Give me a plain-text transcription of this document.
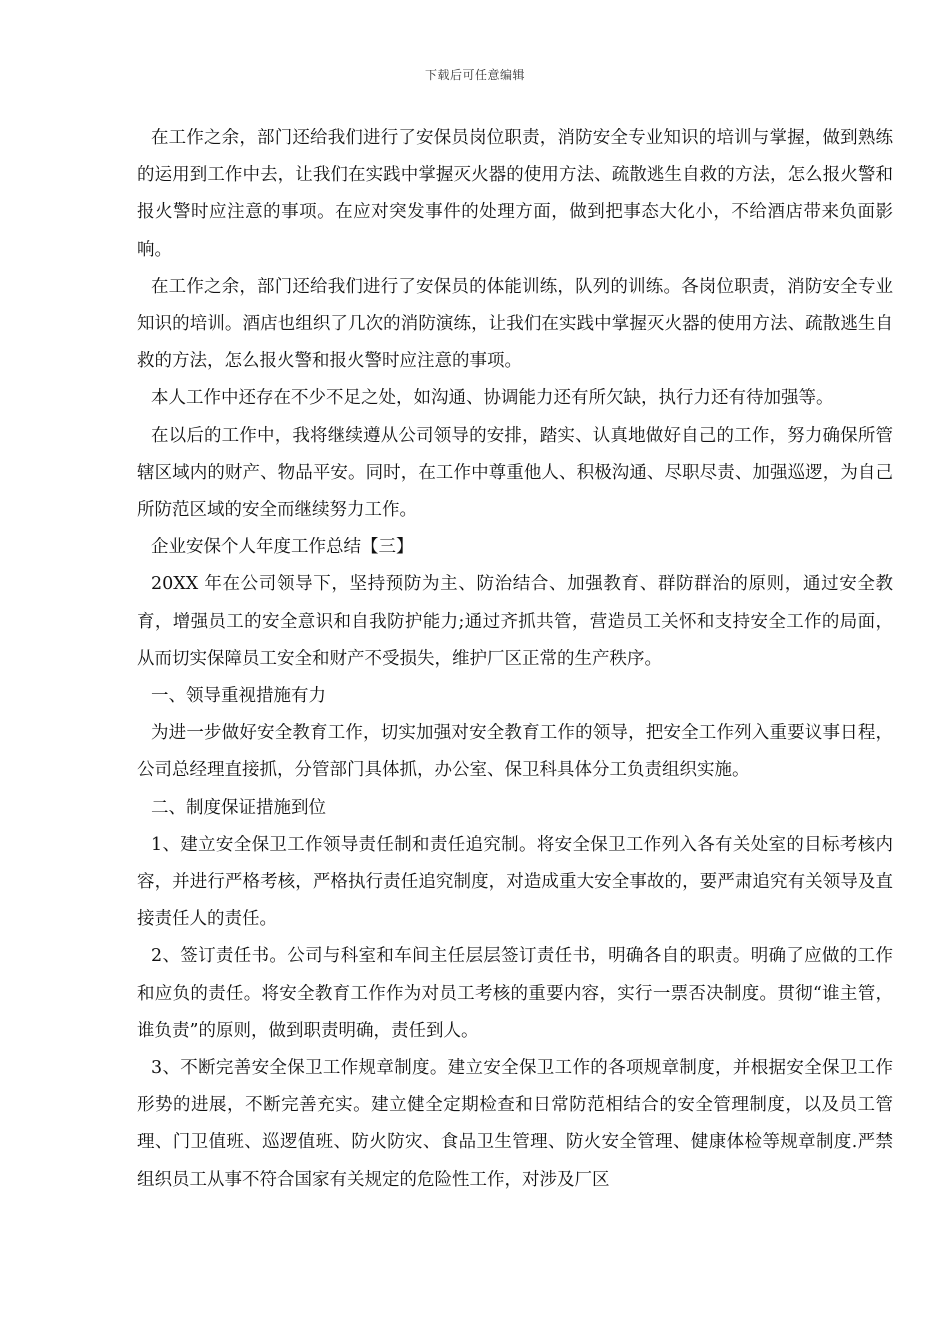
下载后可任意编辑

在工作之余，部门还给我们进行了安保员岗位职责，消防安全专业知识的培训与掌握，做到熟练的运用到工作中去，让我们在实践中掌握灭火器的使用方法、疏散逃生自救的方法，怎么报火警和报火警时应注意的事项。在应对突发事件的处理方面，做到把事态大化小，不给酒店带来负面影响。

在工作之余，部门还给我们进行了安保员的体能训练，队列的训练。各岗位职责，消防安全专业知识的培训。酒店也组织了几次的消防演练，让我们在实践中掌握灭火器的使用方法、疏散逃生自救的方法，怎么报火警和报火警时应注意的事项。

本人工作中还存在不少不足之处，如沟通、协调能力还有所欠缺，执行力还有待加强等。

在以后的工作中，我将继续遵从公司领导的安排，踏实、认真地做好自己的工作，努力确保所管辖区域内的财产、物品平安。同时，在工作中尊重他人、积极沟通、尽职尽责、加强巡逻，为自己所防范区域的安全而继续努力工作。

企业安保个人年度工作总结【三】

20XX 年在公司领导下，坚持预防为主、防治结合、加强教育、群防群治的原则，通过安全教育，增强员工的安全意识和自我防护能力;通过齐抓共管，营造员工关怀和支持安全工作的局面，从而切实保障员工安全和财产不受损失，维护厂区正常的生产秩序。

一、领导重视措施有力

为进一步做好安全教育工作，切实加强对安全教育工作的领导，把安全工作列入重要议事日程，公司总经理直接抓，分管部门具体抓，办公室、保卫科具体分工负责组织实施。

二、制度保证措施到位

1、建立安全保卫工作领导责任制和责任追究制。将安全保卫工作列入各有关处室的目标考核内容，并进行严格考核，严格执行责任追究制度，对造成重大安全事故的，要严肃追究有关领导及直接责任人的责任。

2、签订责任书。公司与科室和车间主任层层签订责任书，明确各自的职责。明确了应做的工作和应负的责任。将安全教育工作作为对员工考核的重要内容，实行一票否决制度。贯彻“谁主管，谁负责”的原则，做到职责明确，责任到人。

3、不断完善安全保卫工作规章制度。建立安全保卫工作的各项规章制度，并根据安全保卫工作形势的进展，不断完善充实。建立健全定期检查和日常防范相结合的安全管理制度，以及员工管理、门卫值班、巡逻值班、防火防灾、食品卫生管理、防火安全管理、健康体检等规章制度.严禁组织员工从事不符合国家有关规定的危险性工作，对涉及厂区
